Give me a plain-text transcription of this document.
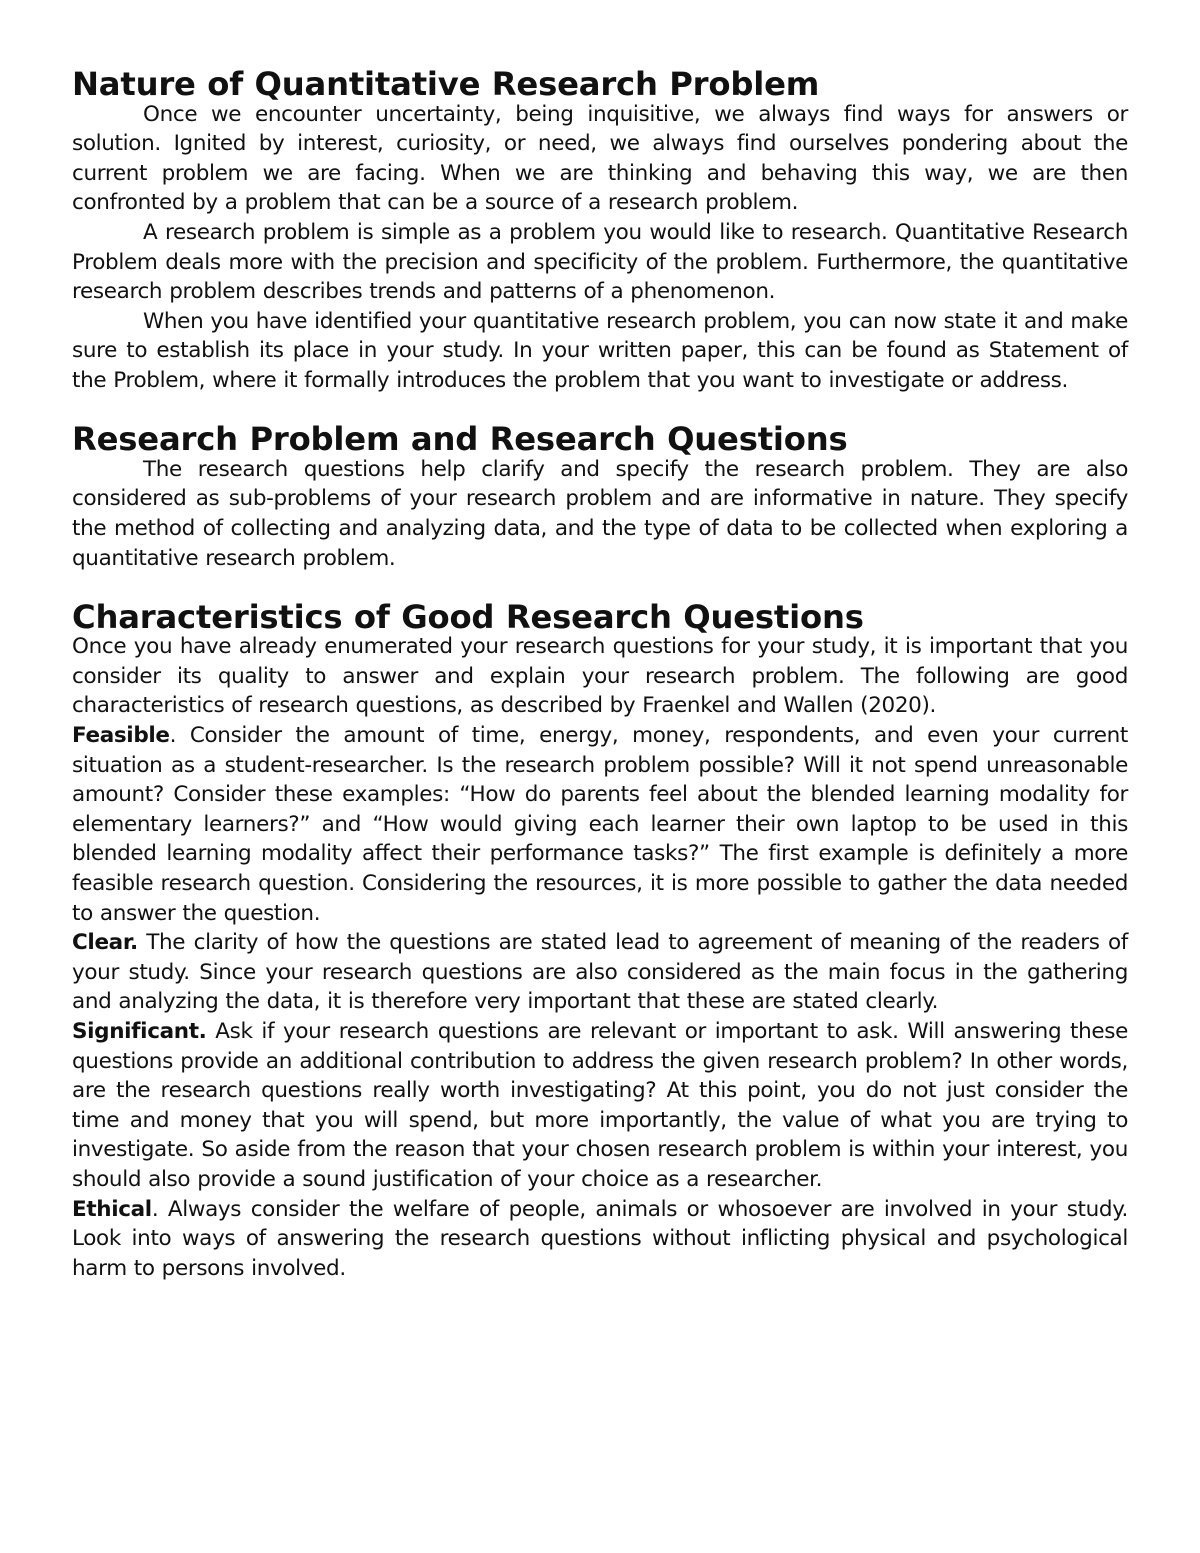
Nature of Quantitative Research Problem

Once we encounter uncertainty, being inquisitive, we always find ways for answers or solution. Ignited by interest, curiosity, or need, we always find ourselves pondering about the current problem we are facing. When we are thinking and behaving this way, we are then confronted by a problem that can be a source of a research problem.

A research problem is simple as a problem you would like to research. Quantitative Research Problem deals more with the precision and specificity of the problem. Furthermore, the quantitative research problem describes trends and patterns of a phenomenon.

When you have identified your quantitative research problem, you can now state it and make sure to establish its place in your study. In your written paper, this can be found as Statement of the Problem, where it formally introduces the problem that you want to investigate or address.

Research Problem and Research Questions

The research questions help clarify and specify the research problem. They are also considered as sub-problems of your research problem and are informative in nature. They specify the method of collecting and analyzing data, and the type of data to be collected when exploring a quantitative research problem.

Characteristics of Good Research Questions

Once you have already enumerated your research questions for your study, it is important that you consider its quality to answer and explain your research problem. The following are good characteristics of research questions, as described by Fraenkel and Wallen (2020).

Feasible. Consider the amount of time, energy, money, respondents, and even your current situation as a student-researcher. Is the research problem possible? Will it not spend unreasonable amount? Consider these examples: “How do parents feel about the blended learning modality for elementary learners?” and “How would giving each learner their own laptop to be used in this blended learning modality affect their performance tasks?” The first example is definitely a more feasible research question. Considering the resources, it is more possible to gather the data needed to answer the question.

Clear. The clarity of how the questions are stated lead to agreement of meaning of the readers of your study. Since your research questions are also considered as the main focus in the gathering and analyzing the data, it is therefore very important that these are stated clearly.

Significant. Ask if your research questions are relevant or important to ask. Will answering these questions provide an additional contribution to address the given research problem? In other words, are the research questions really worth investigating? At this point, you do not just consider the time and money that you will spend, but more importantly, the value of what you are trying to investigate. So aside from the reason that your chosen research problem is within your interest, you should also provide a sound justification of your choice as a researcher.

Ethical. Always consider the welfare of people, animals or whosoever are involved in your study. Look into ways of answering the research questions without inflicting physical and psychological harm to persons involved.
